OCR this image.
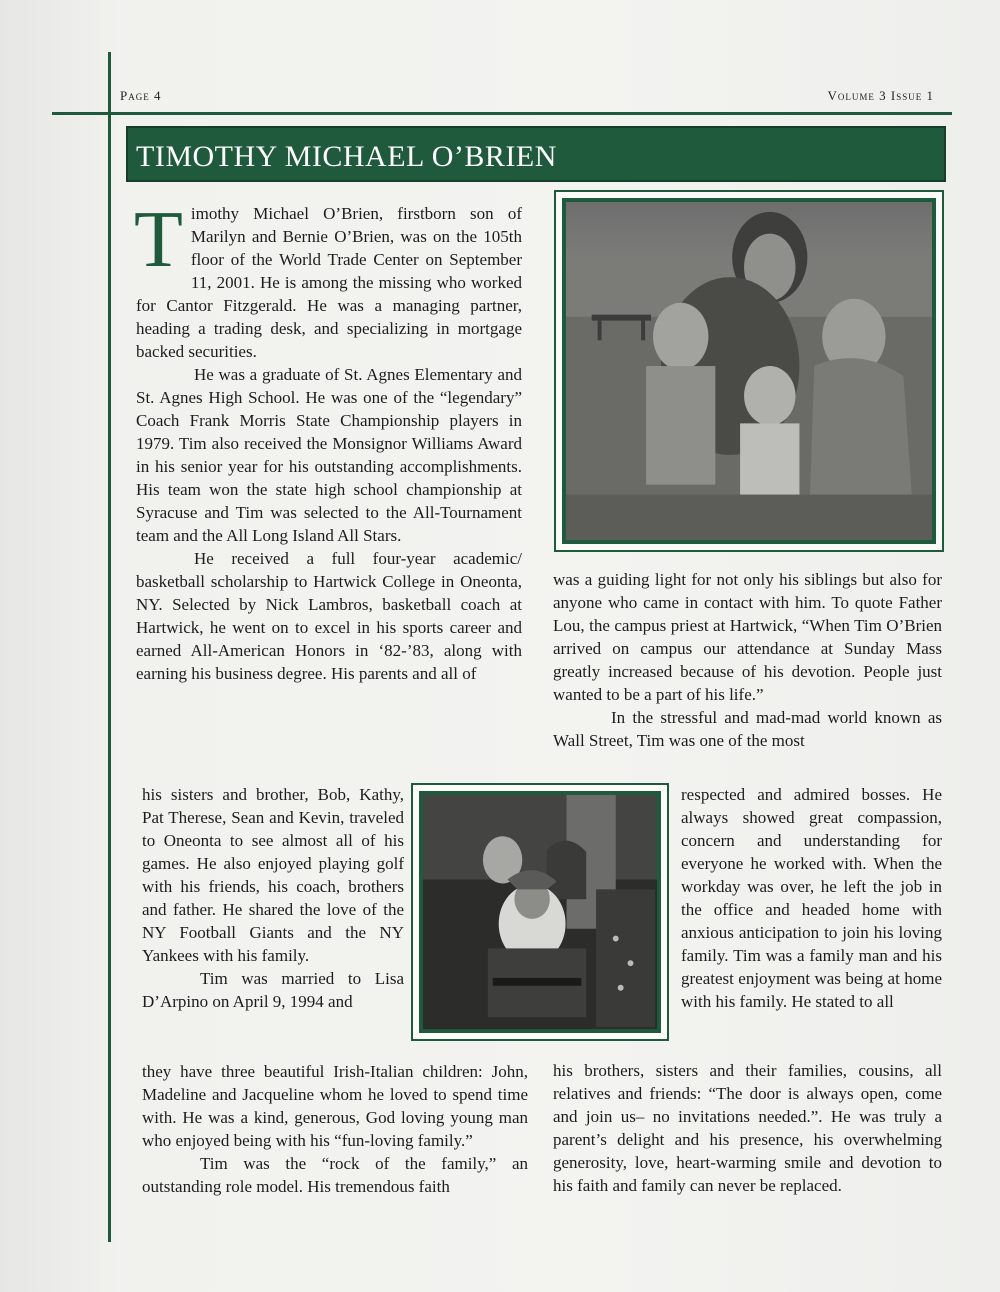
Page 4	Volume 3 Issue 1
TIMOTHY MICHAEL O’BRIEN

Timothy Michael O’Brien, firstborn son of Marilyn and Bernie O’Brien, was on the 105th floor of the World Trade Center on September 11, 2001. He is among the missing who worked for Cantor Fitzgerald. He was a managing partner, heading a trading desk, and specializing in mortgage backed securities.

He was a graduate of St. Agnes Elementary and St. Agnes High School. He was one of the “legendary” Coach Frank Morris State Championship players in 1979. Tim also received the Monsignor Williams Award in his senior year for his outstanding accomplishments. His team won the state high school championship at Syracuse and Tim was selected to the All-Tournament team and the All Long Island All Stars.

He received a full four-year academic/ basketball scholarship to Hartwick College in Oneonta, NY. Selected by Nick Lambros, basketball coach at Hartwick, he went on to excel in his sports career and earned All-American Honors in ‘82-’83, along with earning his business degree. His parents and all of

his sisters and brother, Bob, Kathy, Pat Therese, Sean and Kevin, traveled to Oneonta to see almost all of his games. He also enjoyed playing golf with his friends, his coach, brothers and father. He shared the love of the NY Football Giants and the NY Yankees with his family.

Tim was married to Lisa D’Arpino on April 9, 1994 and

they have three beautiful Irish-Italian children: John, Madeline and Jacqueline whom he loved to spend time with. He was a kind, generous, God loving young man who enjoyed being with his “fun-loving family.”

Tim was the “rock of the family,” an outstanding role model. His tremendous faith

was a guiding light for not only his siblings but also for anyone who came in contact with him. To quote Father Lou, the campus priest at Hartwick, “When Tim O’Brien arrived on campus our attendance at Sunday Mass greatly increased because of his devotion. People just wanted to be a part of his life.”

In the stressful and mad-mad world known as Wall Street, Tim was one of the most

respected and admired bosses. He always showed great compassion, concern and understanding for everyone he worked with. When the workday was over, he left the job in the office and headed home with anxious anticipation to join his loving family. Tim was a family man and his greatest enjoyment was being at home with his family. He stated to all

his brothers, sisters and their families, cousins, all relatives and friends: “The door is always open, come and join us– no invitations needed.”. He was truly a parent’s delight and his presence, his overwhelming generosity, love, heart-warming smile and devotion to his faith and family can never be replaced.
